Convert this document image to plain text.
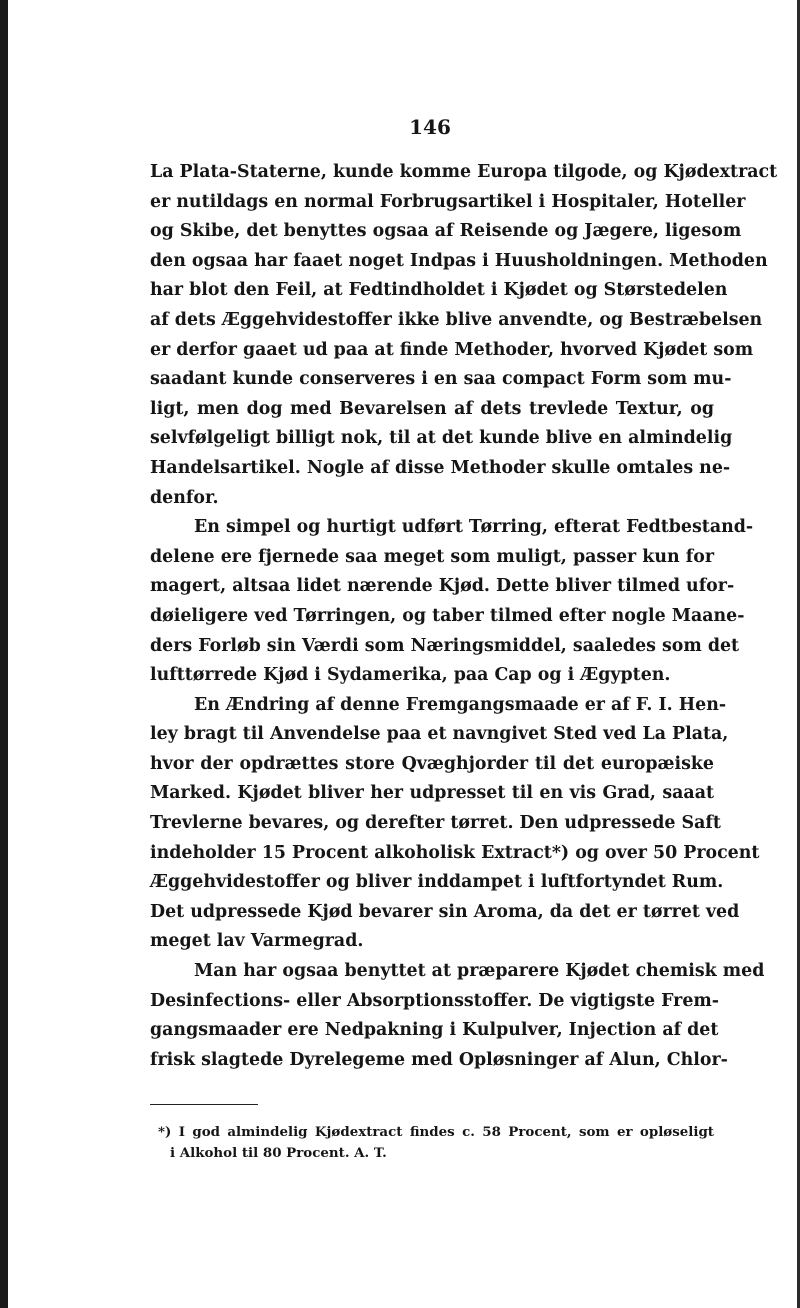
146
La Plata-Staterne, kunde komme Europa tilgode, og Kjødextract
er nutildags en normal Forbrugsartikel i Hospitaler, Hoteller
og Skibe, det benyttes ogsaa af Reisende og Jægere, ligesom
den ogsaa har faaet noget Indpas i Huusholdningen. Methoden
har blot den Feil, at Fedtindholdet i Kjødet og Størstedelen
af dets Æggehvidestoffer ikke blive anvendte, og Bestræbelsen
er derfor gaaet ud paa at finde Methoder, hvorved Kjødet som
saadant kunde conserveres i en saa compact Form som mu-
ligt, men dog med Bevarelsen af dets trevlede Textur, og
selvfølgeligt billigt nok, til at det kunde blive en almindelig
Handelsartikel. Nogle af disse Methoder skulle omtales ne-
denfor.
En simpel og hurtigt udført Tørring, efterat Fedtbestand-
delene ere fjernede saa meget som muligt, passer kun for
magert, altsaa lidet nærende Kjød. Dette bliver tilmed ufor-
døieligere ved Tørringen, og taber tilmed efter nogle Maane-
ders Forløb sin Værdi som Næringsmiddel, saaledes som det
lufttørrede Kjød i Sydamerika, paa Cap og i Ægypten.
En Ændring af denne Fremgangsmaade er af F. I. Hen-
ley bragt til Anvendelse paa et navngivet Sted ved La Plata,
hvor der opdrættes store Qvæghjorder til det europæiske
Marked. Kjødet bliver her udpresset til en vis Grad, saaat
Trevlerne bevares, og derefter tørret. Den udpressede Saft
indeholder 15 Procent alkoholisk Extract*) og over 50 Procent
Æggehvidestoffer og bliver inddampet i luftfortyndet Rum.
Det udpressede Kjød bevarer sin Aroma, da det er tørret ved
meget lav Varmegrad.
Man har ogsaa benyttet at præparere Kjødet chemisk med
Desinfections- eller Absorptionsstoffer. De vigtigste Frem-
gangsmaader ere Nedpakning i Kulpulver, Injection af det
frisk slagtede Dyrelegeme med Opløsninger af Alun, Chlor-
*) I god almindelig Kjødextract findes c. 58 Procent, som er opløseligt
i Alkohol til 80 Procent. A. T.
